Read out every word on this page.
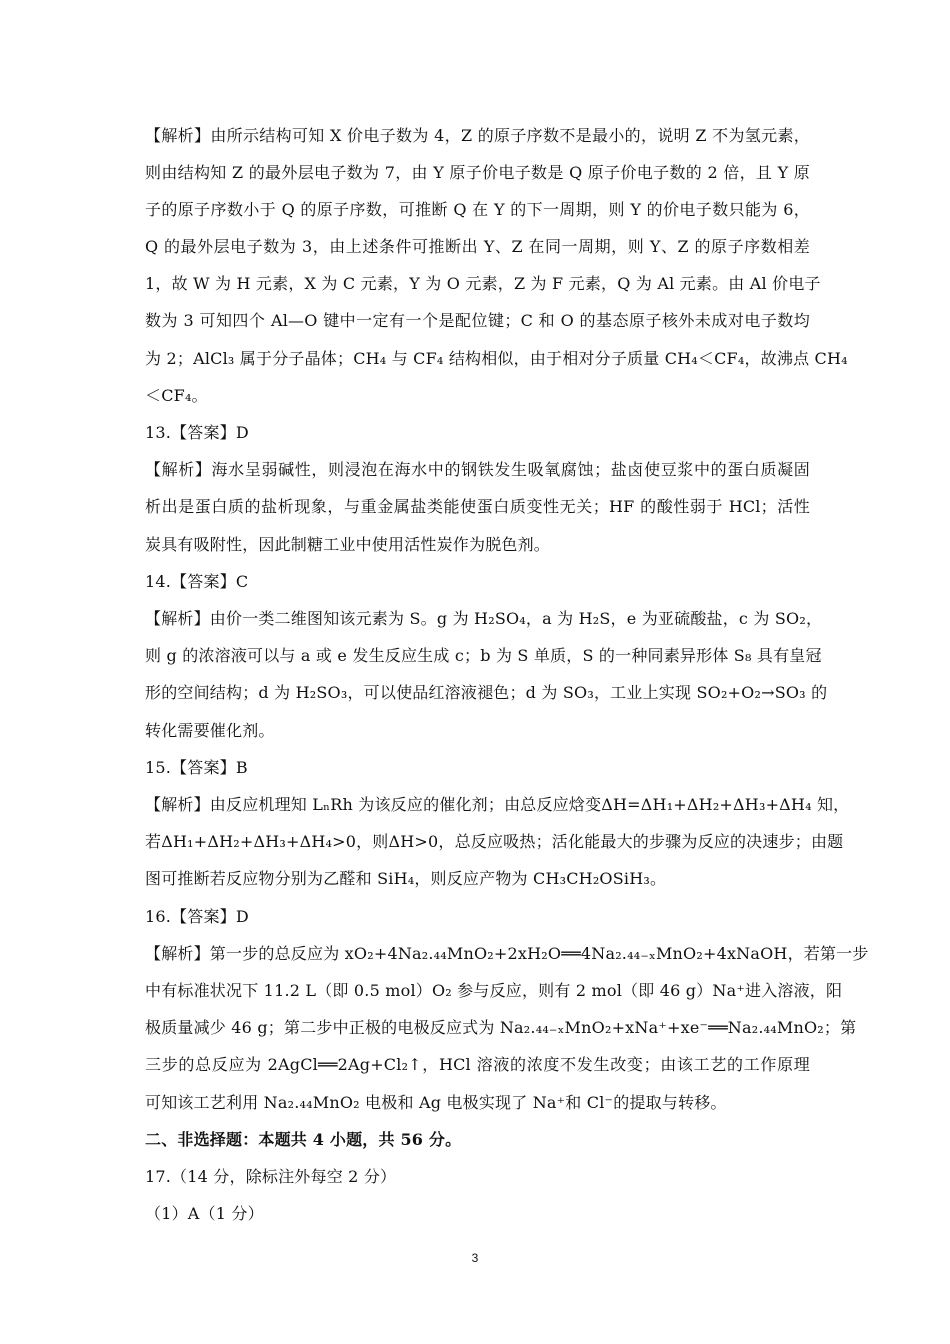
【解析】由所示结构可知 X 价电子数为 4，Z 的原子序数不是最小的，说明 Z 不为氢元素，
则由结构知 Z 的最外层电子数为 7，由 Y 原子价电子数是 Q 原子价电子数的 2 倍，且 Y 原
子的原子序数小于 Q 的原子序数，可推断 Q 在 Y 的下一周期，则 Y 的价电子数只能为 6，
Q 的最外层电子数为 3，由上述条件可推断出 Y、Z 在同一周期，则 Y、Z 的原子序数相差
1，故 W 为 H 元素，X 为 C 元素，Y 为 O 元素，Z 为 F 元素，Q 为 Al 元素。由 Al 价电子
数为 3 可知四个 Al—O 键中一定有一个是配位键；C 和 O 的基态原子核外未成对电子数均
为 2；AlCl₃ 属于分子晶体；CH₄ 与 CF₄ 结构相似，由于相对分子质量 CH₄＜CF₄，故沸点 CH₄
＜CF₄。
13.【答案】D
【解析】海水呈弱碱性，则浸泡在海水中的钢铁发生吸氧腐蚀；盐卤使豆浆中的蛋白质凝固
析出是蛋白质的盐析现象，与重金属盐类能使蛋白质变性无关；HF 的酸性弱于 HCl；活性
炭具有吸附性，因此制糖工业中使用活性炭作为脱色剂。
14.【答案】C
【解析】由价一类二维图知该元素为 S。g 为 H₂SO₄，a 为 H₂S，e 为亚硫酸盐，c 为 SO₂，
则 g 的浓溶液可以与 a 或 e 发生反应生成 c；b 为 S 单质，S 的一种同素异形体 S₈ 具有皇冠
形的空间结构；d 为 H₂SO₃，可以使品红溶液褪色；d 为 SO₃，工业上实现 SO₂+O₂→SO₃ 的
转化需要催化剂。
15.【答案】B
【解析】由反应机理知 LₙRh 为该反应的催化剂；由总反应焓变ΔH=ΔH₁+ΔH₂+ΔH₃+ΔH₄ 知，
若ΔH₁+ΔH₂+ΔH₃+ΔH₄>0，则ΔH>0，总反应吸热；活化能最大的步骤为反应的决速步；由题
图可推断若反应物分别为乙醛和 SiH₄，则反应产物为 CH₃CH₂OSiH₃。
16.【答案】D
【解析】第一步的总反应为 xO₂+4Na₂.₄₄MnO₂+2xH₂O══4Na₂.₄₄₋ₓMnO₂+4xNaOH，若第一步
中有标准状况下 11.2 L（即 0.5 mol）O₂ 参与反应，则有 2 mol（即 46 g）Na⁺进入溶液，阳
极质量减少 46 g；第二步中正极的电极反应式为 Na₂.₄₄₋ₓMnO₂+xNa⁺+xe⁻══Na₂.₄₄MnO₂；第
三步的总反应为 2AgCl══2Ag+Cl₂↑，HCl 溶液的浓度不发生改变；由该工艺的工作原理
可知该工艺利用 Na₂.₄₄MnO₂ 电极和 Ag 电极实现了 Na⁺和 Cl⁻的提取与转移。
二、非选择题：本题共 4 小题，共 56 分。
17.（14 分，除标注外每空 2 分）
（1）A（1 分）
3
